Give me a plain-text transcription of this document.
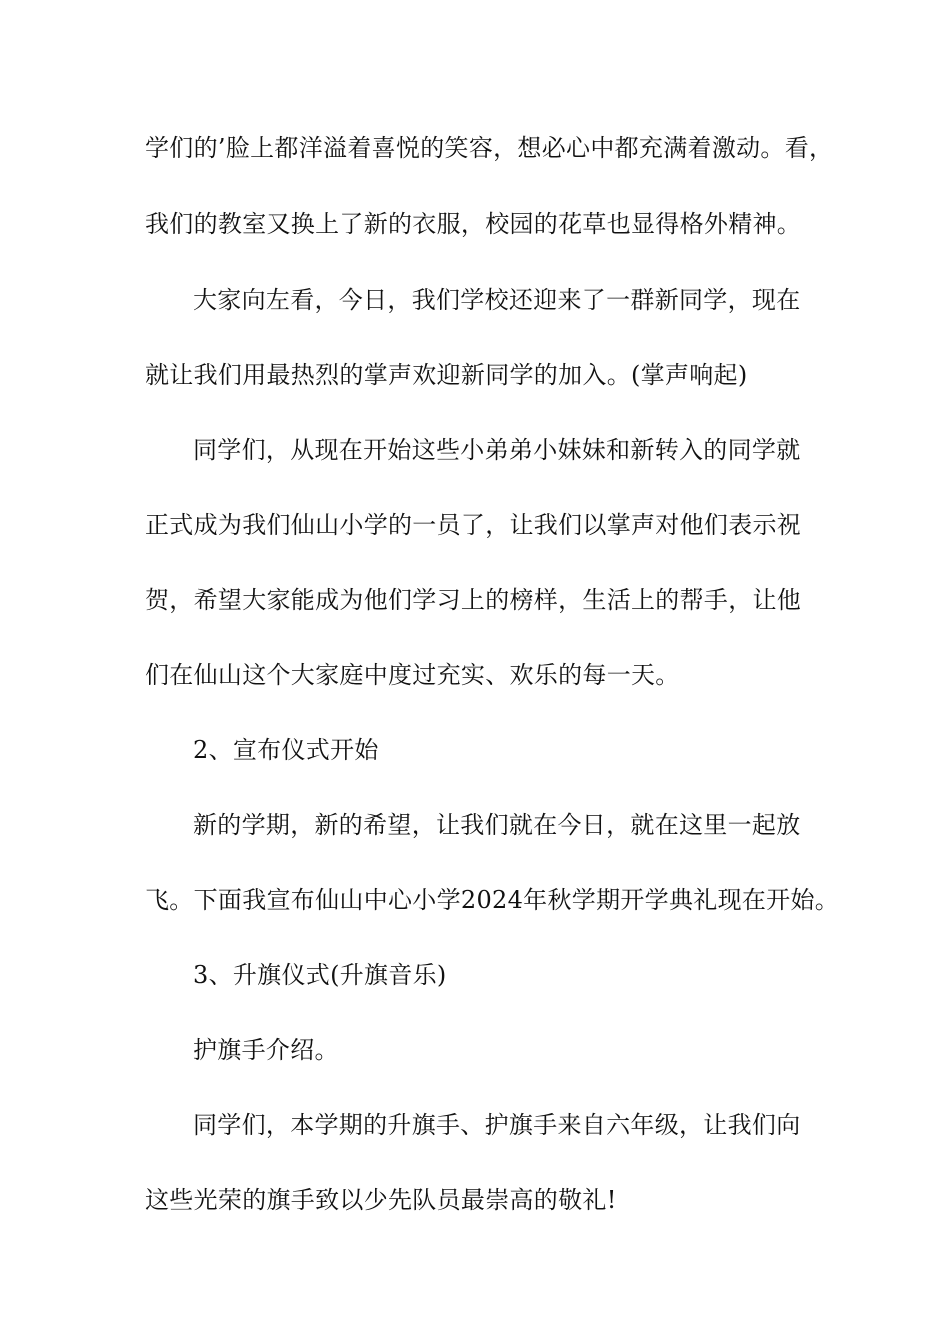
学们的’脸上都洋溢着喜悦的笑容，想必心中都充满着激动。看，
我们的教室又换上了新的衣服，校园的花草也显得格外精神。
大家向左看，今日，我们学校还迎来了一群新同学，现在
就让我们用最热烈的掌声欢迎新同学的加入。(掌声响起)
同学们，从现在开始这些小弟弟小妹妹和新转入的同学就
正式成为我们仙山小学的一员了，让我们以掌声对他们表示祝
贺，希望大家能成为他们学习上的榜样，生活上的帮手，让他
们在仙山这个大家庭中度过充实、欢乐的每一天。
2、宣布仪式开始
新的学期，新的希望，让我们就在今日，就在这里一起放
飞。下面我宣布仙山中心小学2024年秋学期开学典礼现在开始。
3、升旗仪式(升旗音乐)
护旗手介绍。
同学们，本学期的升旗手、护旗手来自六年级，让我们向
这些光荣的旗手致以少先队员最崇高的敬礼!
